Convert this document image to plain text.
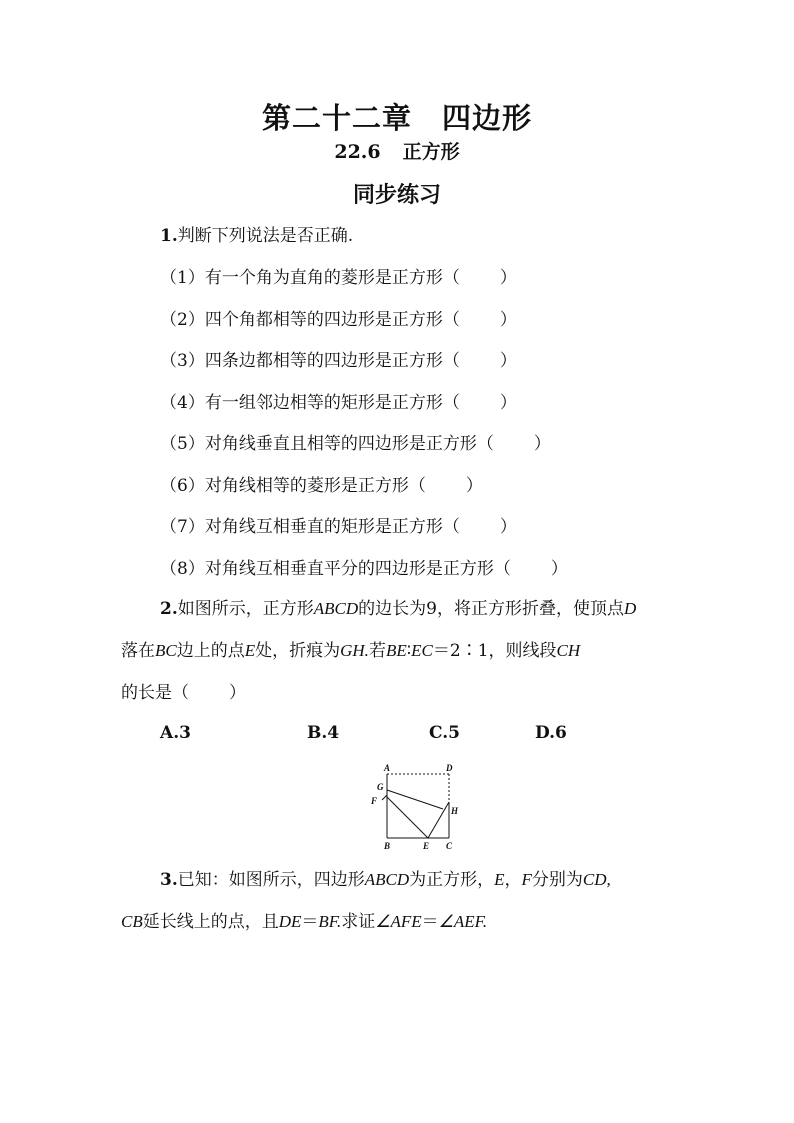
第二十二章 四边形
22.6 正方形
同步练习
1.判断下列说法是否正确.
（1）有一个角为直角的菱形是正方形（ ）
（2）四个角都相等的四边形是正方形（ ）
（3）四条边都相等的四边形是正方形（ ）
（4）有一组邻边相等的矩形是正方形（ ）
（5）对角线垂直且相等的四边形是正方形（ ）
（6）对角线相等的菱形是正方形（ ）
（7）对角线互相垂直的矩形是正方形（ ）
（8）对角线互相垂直平分的四边形是正方形（ ）
2.如图所示，正方形ABCD的边长为9，将正方形折叠，使顶点D
落在BC边上的点E处，折痕为GH.若BE∶EC＝2∶1，则线段CH
的长是（ ）
A.3	B.4	C.5	D.6
A	D
G
F
H
B	E C
3.已知：如图所示，四边形ABCD为正方形，E，F分别为CD,
CB延长线上的点，且DE＝BF.求证∠AFE＝∠AEF.
